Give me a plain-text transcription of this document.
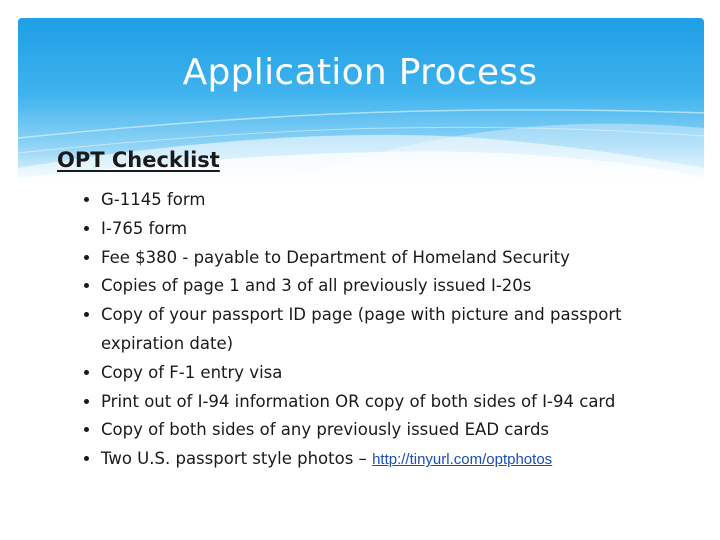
Application Process
OPT Checklist
• G-1145 form
• I-765 form
• Fee $380 - payable to Department of Homeland Security
• Copies of page 1 and 3 of all previously issued I-20s
• Copy of your passport ID page (page with picture and passport expiration date)
• Copy of F-1 entry visa
• Print out of I-94 information OR copy of both sides of I-94 card
• Copy of both sides of any previously issued EAD cards
• Two U.S. passport style photos – http://tinyurl.com/optphotos
